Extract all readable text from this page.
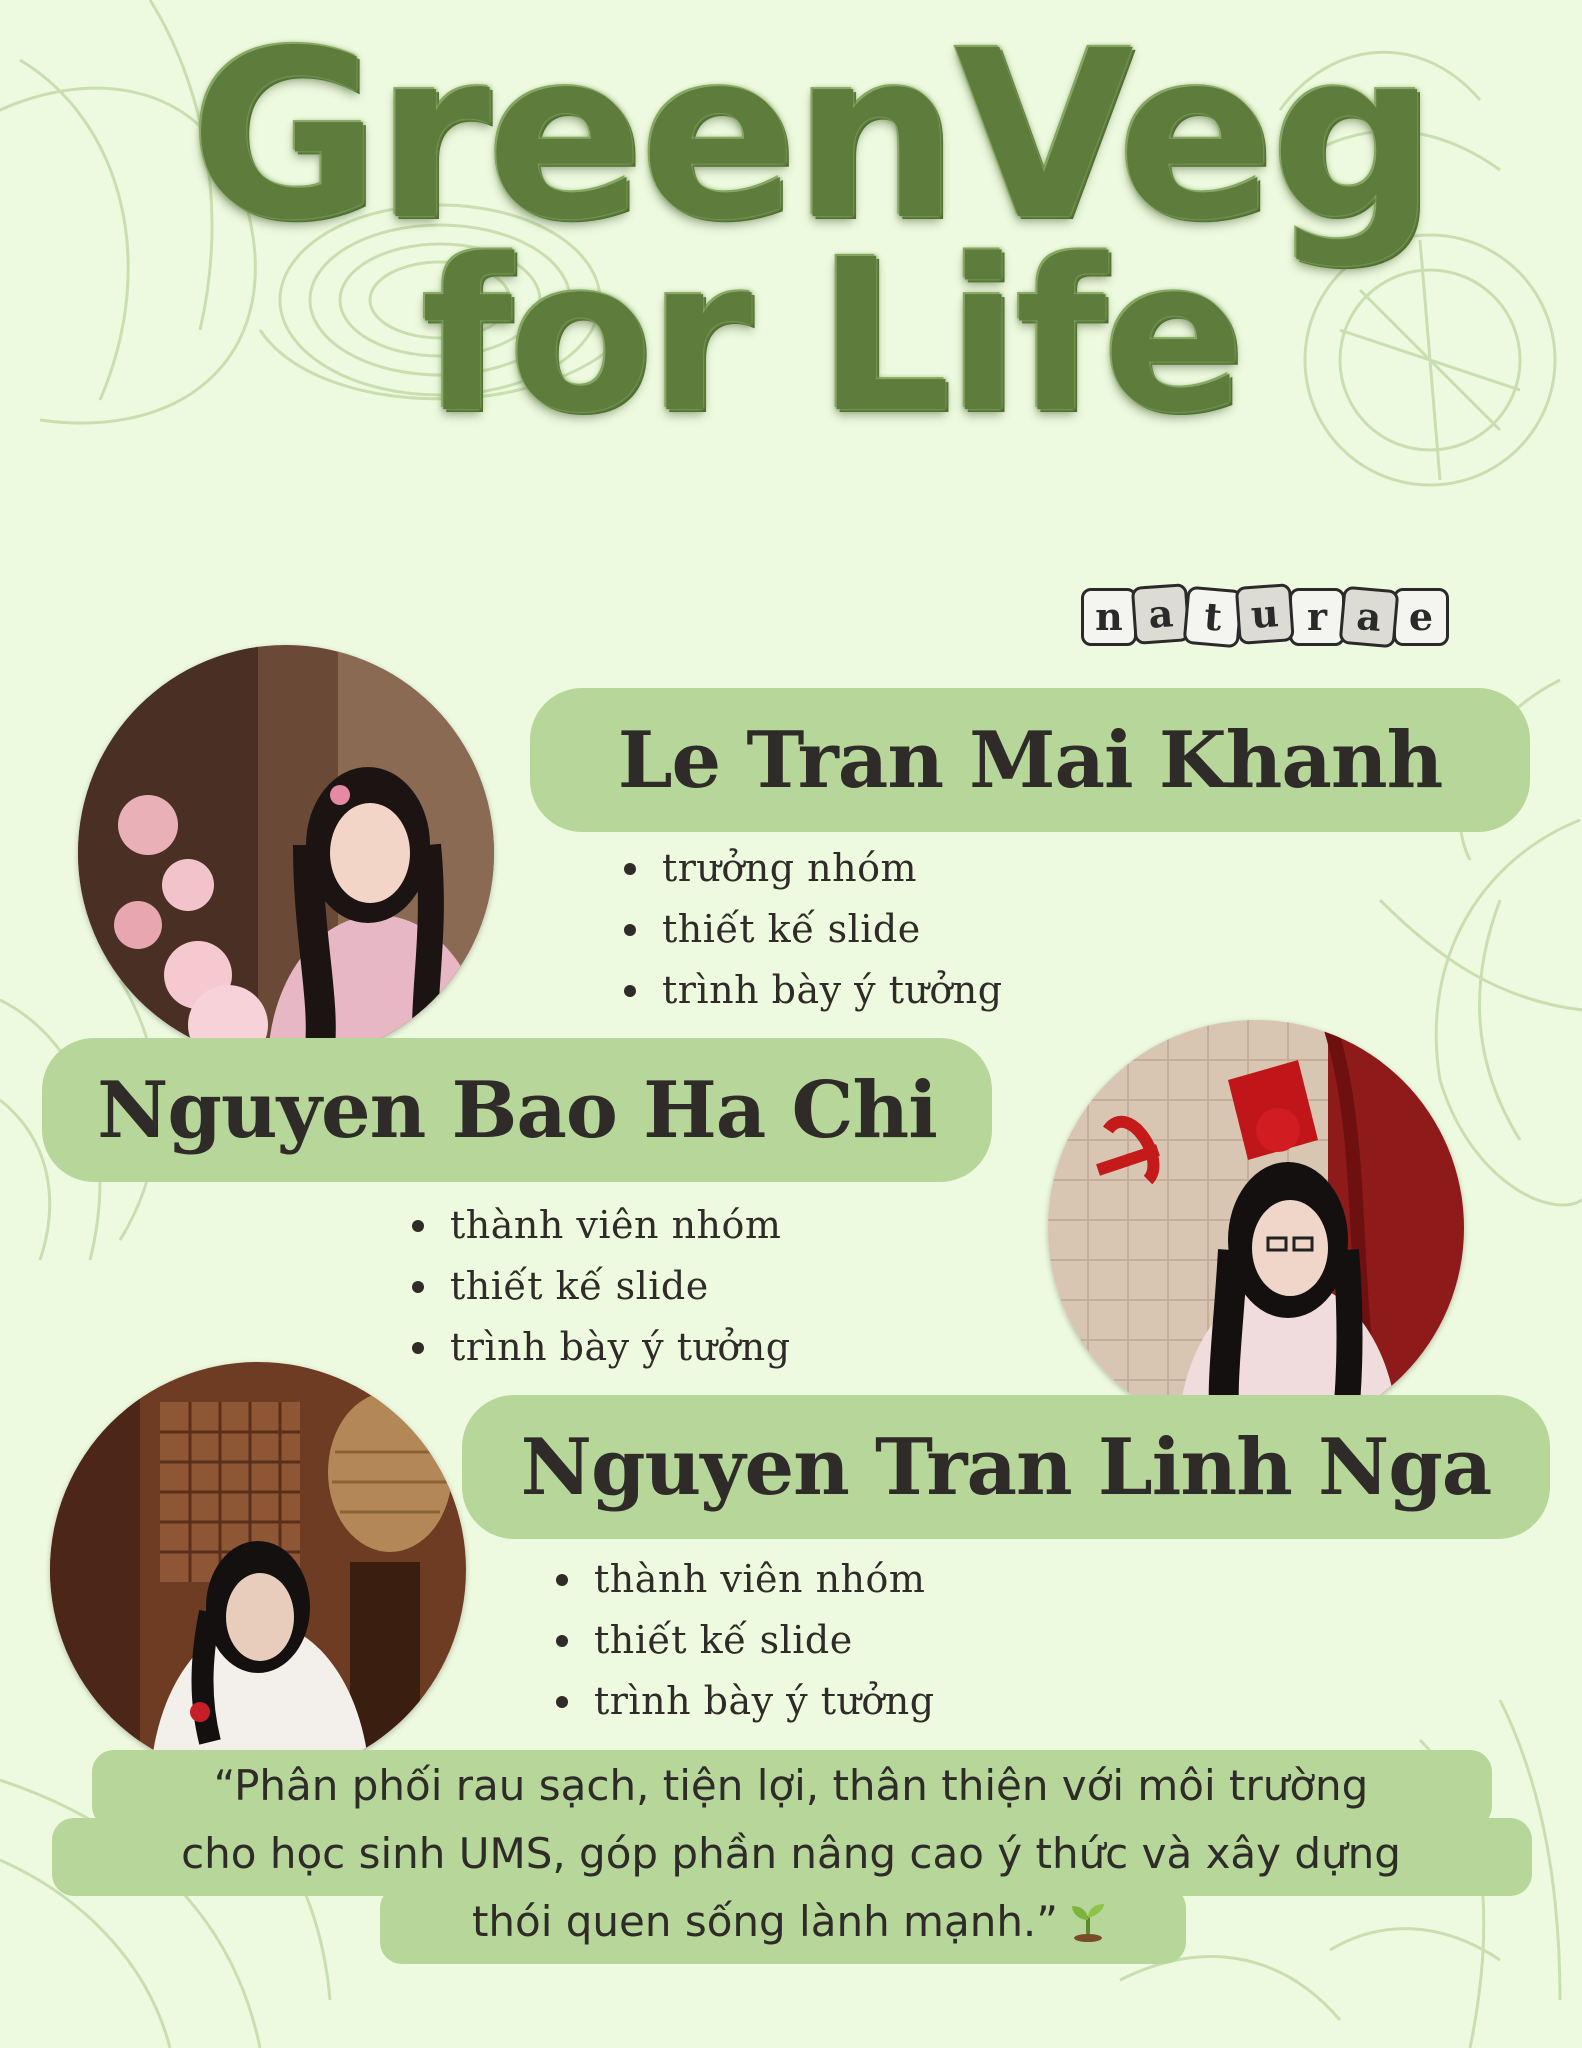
GreenVeg
for Life
n a t u r a e
Le Tran Mai Khanh
trưởng nhóm
thiết kế slide
trình bày ý tưởng
Nguyen Bao Ha Chi
thành viên nhóm
thiết kế slide
trình bày ý tưởng
Nguyen Tran Linh Nga
thành viên nhóm
thiết kế slide
trình bày ý tưởng
“Phân phối rau sạch, tiện lợi, thân thiện với môi trường
cho học sinh UMS, góp phần nâng cao ý thức và xây dựng
thói quen sống lành mạnh.”
